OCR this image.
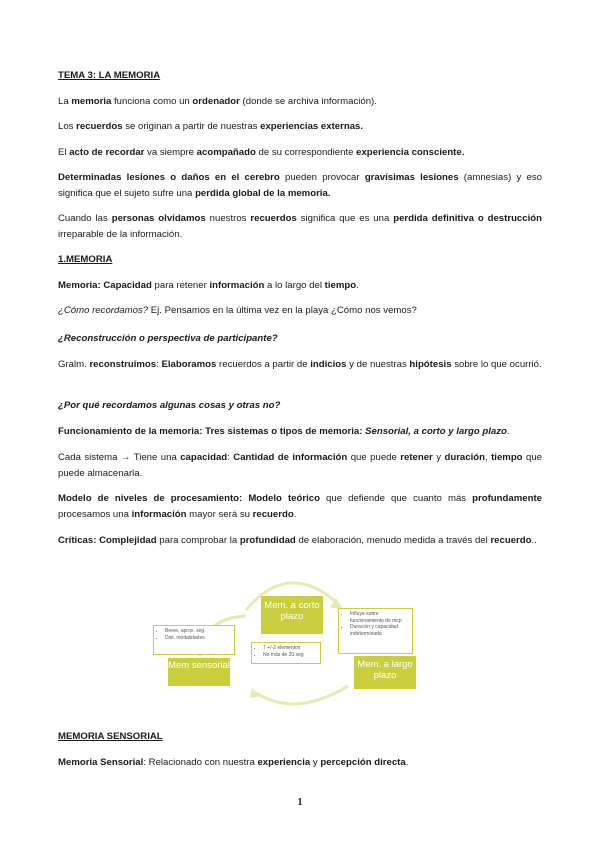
TEMA 3: LA MEMORIA

La memoria funciona como un ordenador (donde se archiva información).

Los recuerdos se originan a partir de nuestras experiencias externas.

El acto de recordar va siempre acompañado de su correspondiente experiencia consciente.

Determinadas lesiones o daños en el cerebro pueden provocar gravísimas lesiones (amnesias) y eso significa que el sujeto sufre una perdida global de la memoria.

Cuando las personas olvidamos nuestros recuerdos significa que es una perdida definitiva o destrucción irreparable de la información.

1.MEMORIA

Memoria: Capacidad para retener información a lo largo del tiempo.

¿Cómo recordamos? Ej. Pensamos en la última vez en la playa ¿Cómo nos vemos?

¿Reconstrucción o perspectiva de participante?

Gralm. reconstruimos: Elaboramos recuerdos a partir de indicios y de nuestras hipótesis sobre lo que ocurrió.

¿Por qué recordamos algunas cosas y otras no?

Funcionamiento de la memoria: Tres sistemas o tipos de memoria: Sensorial, a corto y largo plazo.

Cada sistema → Tiene una capacidad: Cantidad de información que puede retener y duración, tiempo que puede almacenarla.

Modelo de niveles de procesamiento: Modelo teórico que defiende que cuanto más profundamente procesamos una información mayor será su recuerdo.

Críticas: Complejidad para comprobar la profundidad de elaboración, menudo medida a través del recuerdo..

• Breve, aprox. seg.
• Dist. modalidades
Mem sensorial
Mem. a corto plazo
• 7 +/-2 elementos
• No más de 20 seg
• Influye sobre funcionamiento de mcp
• Duración y capacidad indeterminada
Mem. a largo plazo

MEMORIA SENSORIAL

Memoria Sensorial: Relacionado con nuestra experiencia y percepción directa.

1
